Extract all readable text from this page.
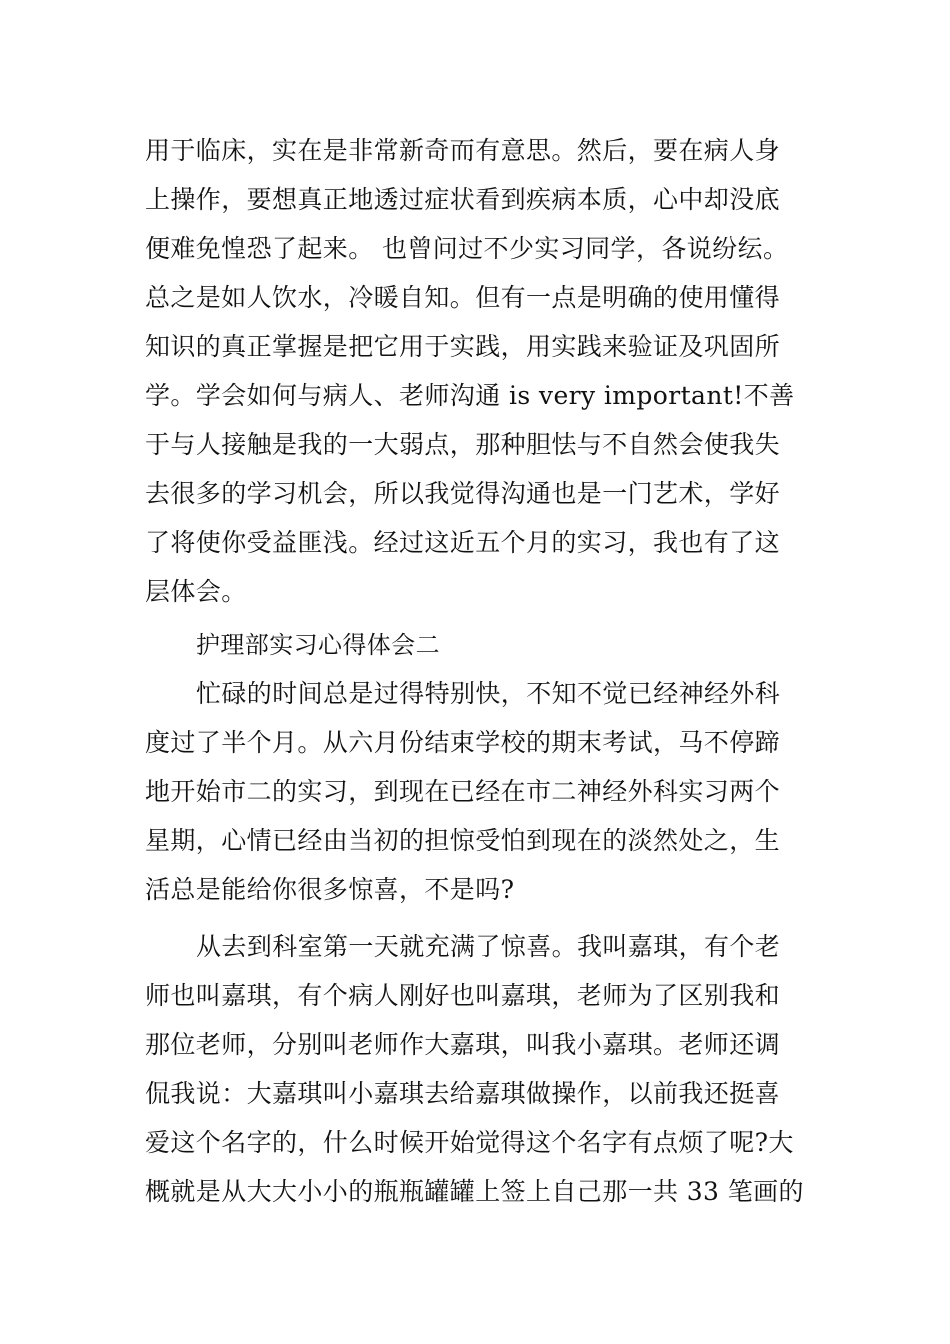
用于临床，实在是非常新奇而有意思。然后，要在病人身
上操作，要想真正地透过症状看到疾病本质，心中却没底
便难免惶恐了起来。 也曾问过不少实习同学，各说纷纭。
总之是如人饮水，冷暖自知。但有一点是明确的使用懂得
知识的真正掌握是把它用于实践，用实践来验证及巩固所
学。学会如何与病人、老师沟通 is very important!不善
于与人接触是我的一大弱点，那种胆怯与不自然会使我失
去很多的学习机会，所以我觉得沟通也是一门艺术，学好
了将使你受益匪浅。经过这近五个月的实习，我也有了这
层体会。
护理部实习心得体会二
忙碌的时间总是过得特别快，不知不觉已经神经外科
度过了半个月。从六月份结束学校的期末考试，马不停蹄
地开始市二的实习，到现在已经在市二神经外科实习两个
星期，心情已经由当初的担惊受怕到现在的淡然处之，生
活总是能给你很多惊喜，不是吗?
从去到科室第一天就充满了惊喜。我叫嘉琪，有个老
师也叫嘉琪，有个病人刚好也叫嘉琪，老师为了区别我和
那位老师，分别叫老师作大嘉琪，叫我小嘉琪。老师还调
侃我说：大嘉琪叫小嘉琪去给嘉琪做操作，以前我还挺喜
爱这个名字的，什么时候开始觉得这个名字有点烦了呢?大
概就是从大大小小的瓶瓶罐罐上签上自己那一共 33 笔画的
